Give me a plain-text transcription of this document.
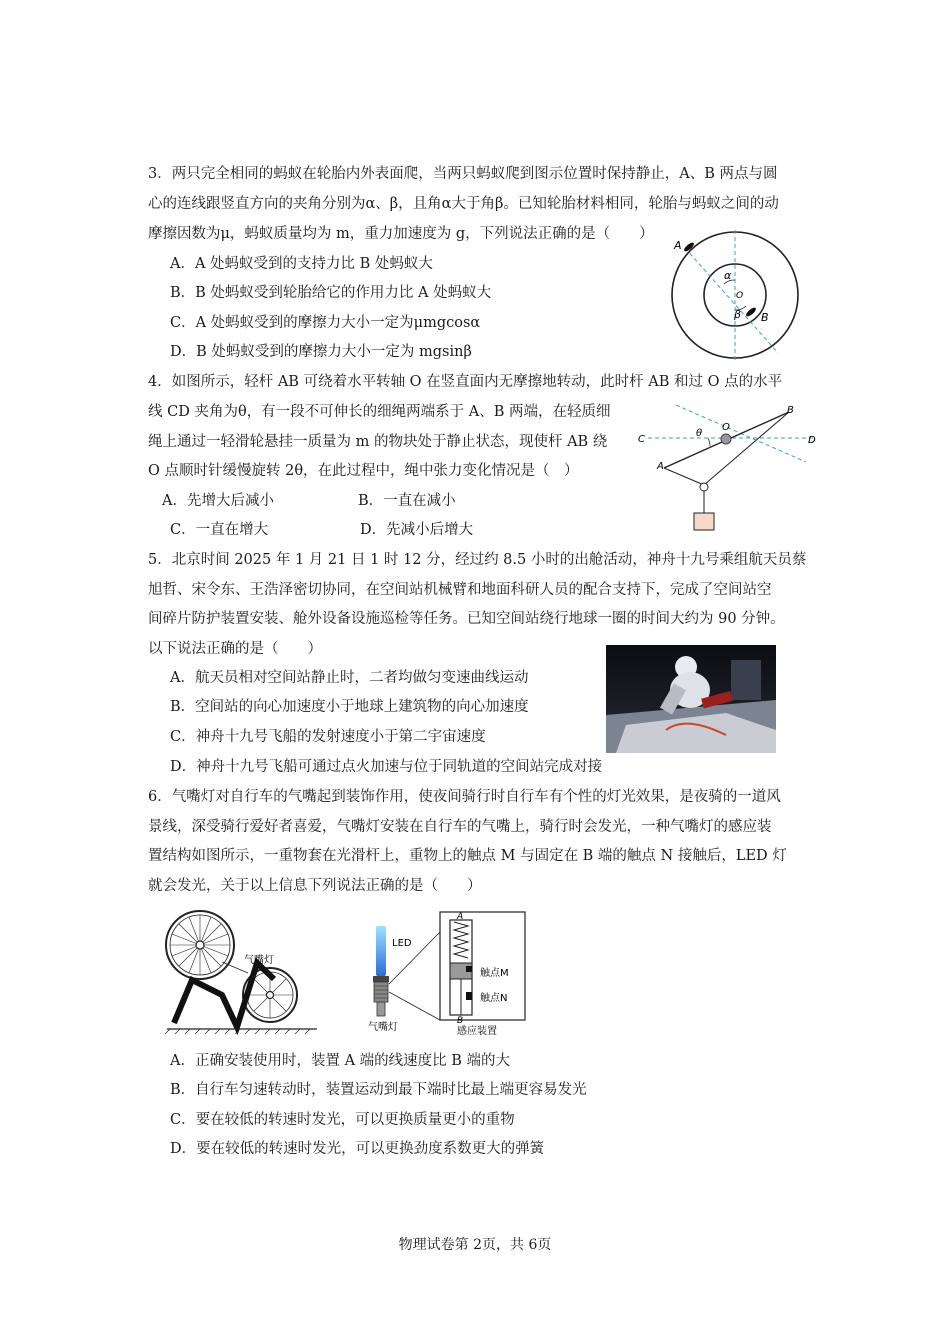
3．两只完全相同的蚂蚁在轮胎内外表面爬，当两只蚂蚁爬到图示位置时保持静止，A、B 两点与圆
心的连线跟竖直方向的夹角分别为α、β，且角α大于角β。已知轮胎材料相同，轮胎与蚂蚁之间的动
摩擦因数为μ，蚂蚁质量均为 m，重力加速度为 g，下列说法正确的是（　　）
A．A 处蚂蚁受到的支持力比 B 处蚂蚁大
B．B 处蚂蚁受到轮胎给它的作用力比 A 处蚂蚁大
C．A 处蚂蚁受到的摩擦力大小一定为μmgcosα
D．B 处蚂蚁受到的摩擦力大小一定为 mgsinβ
A
B
α
β
O
4．如图所示，轻杆 AB 可绕着水平转轴 O 在竖直面内无摩擦地转动，此时杆 AB 和过 O 点的水平
线 CD 夹角为θ，有一段不可伸长的细绳两端系于 A、B 两端，在轻质细
绳上通过一轻滑轮悬挂一质量为 m 的物块处于静止状态，现使杆 AB 绕
O 点顺时针缓慢旋转 2θ，在此过程中，绳中张力变化情况是（　）
A．先增大后减小	B．一直在减小
C．一直在增大	D．先减小后增大
C	D
A
B
O
θ
5．北京时间 2025 年 1 月 21 日 1 时 12 分，经过约 8.5 小时的出舱活动，神舟十九号乘组航天员蔡
旭哲、宋令东、王浩泽密切协同，在空间站机械臂和地面科研人员的配合支持下，完成了空间站空
间碎片防护装置安装、舱外设备设施巡检等任务。已知空间站绕行地球一圈的时间大约为 90 分钟。
以下说法正确的是（　　）
A．航天员相对空间站静止时，二者均做匀变速曲线运动
B．空间站的向心加速度小于地球上建筑物的向心加速度
C．神舟十九号飞船的发射速度小于第二宇宙速度
D．神舟十九号飞船可通过点火加速与位于同轨道的空间站完成对接
6．气嘴灯对自行车的气嘴起到装饰作用，使夜间骑行时自行车有个性的灯光效果，是夜骑的一道风
景线，深受骑行爱好者喜爱，气嘴灯安装在自行车的气嘴上，骑行时会发光，一种气嘴灯的感应装
置结构如图所示，一重物套在光滑杆上，重物上的触点 M 与固定在 B 端的触点 N 接触后，LED 灯
就会发光，关于以上信息下列说法正确的是（　　）
气嘴灯
LED
气嘴灯
A
B
触点M
触点N
感应装置
A．正确安装使用时，装置 A 端的线速度比 B 端的大
B．自行车匀速转动时，装置运动到最下端时比最上端更容易发光
C．要在较低的转速时发光，可以更换质量更小的重物
D．要在较低的转速时发光，可以更换劲度系数更大的弹簧
物理试卷第 2页，共 6页
